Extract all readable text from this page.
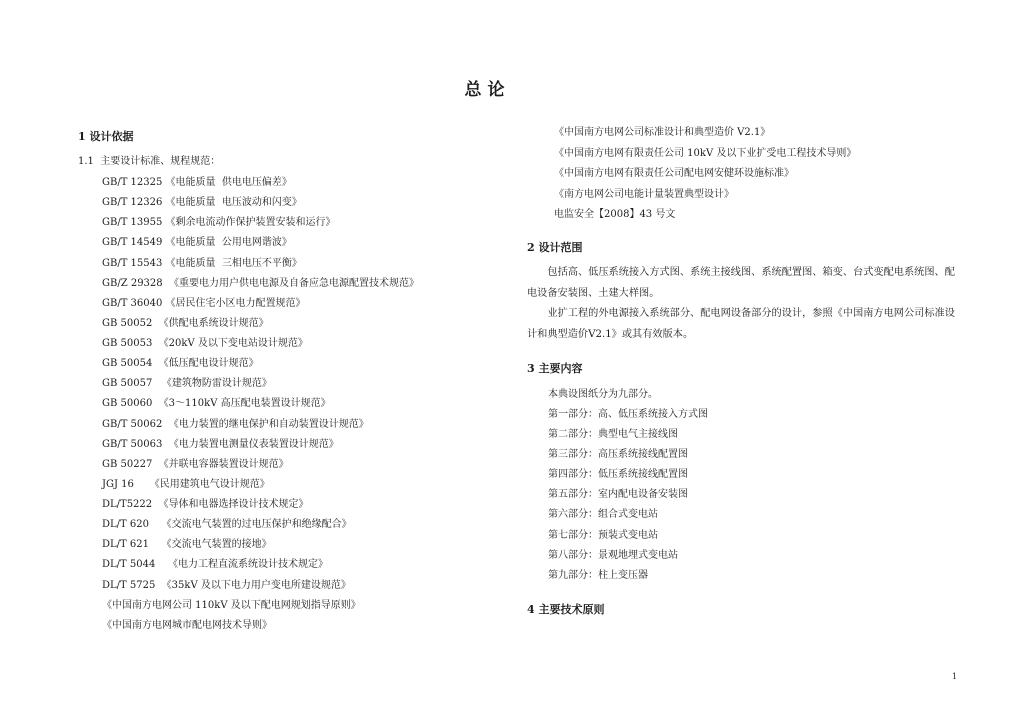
总 论
1 设计依据
1.1  主要设计标准、规程规范：
GB/T 12325 《电能质量  供电电压偏差》
GB/T 12326 《电能质量  电压波动和闪变》
GB/T 13955 《剩余电流动作保护装置安装和运行》
GB/T 14549 《电能质量  公用电网谐波》
GB/T 15543 《电能质量  三相电压不平衡》
GB/Z 29328  《重要电力用户供电电源及自备应急电源配置技术规范》
GB/T 36040 《居民住宅小区电力配置规范》
GB 50052  《供配电系统设计规范》
GB 50053  《20kV 及以下变电站设计规范》
GB 50054  《低压配电设计规范》
GB 50057   《建筑物防雷设计规范》
GB 50060  《3～110kV 高压配电装置设计规范》
GB/T 50062  《电力装置的继电保护和自动装置设计规范》
GB/T 50063  《电力装置电测量仪表装置设计规范》
GB 50227  《并联电容器装置设计规范》
JGJ 16     《民用建筑电气设计规范》
DL/T5222  《导体和电器选择设计技术规定》
DL/T 620    《交流电气装置的过电压保护和绝缘配合》
DL/T 621    《交流电气装置的接地》
DL/T 5044    《电力工程直流系统设计技术规定》
DL/T 5725  《35kV 及以下电力用户变电所建设规范》
《中国南方电网公司 110kV 及以下配电网规划指导原则》
《中国南方电网城市配电网技术导则》
《中国南方电网公司标准设计和典型造价 V2.1》
《中国南方电网有限责任公司 10kV 及以下业扩受电工程技术导则》
《中国南方电网有限责任公司配电网安健环设施标准》
《南方电网公司电能计量装置典型设计》
电监安全【2008】43 号文
2 设计范围
包括高、低压系统接入方式图、系统主接线图、系统配置图、箱变、台式变配电系统图、配电设备安装图、土建大样图。
业扩工程的外电源接入系统部分、配电网设备部分的设计，参照《中国南方电网公司标准设计和典型造价V2.1》或其有效版本。
3 主要内容
本典设图纸分为九部分。
第一部分：高、低压系统接入方式图
第二部分：典型电气主接线图
第三部分：高压系统接线配置图
第四部分：低压系统接线配置图
第五部分：室内配电设备安装图
第六部分：组合式变电站
第七部分：预装式变电站
第八部分：景观地埋式变电站
第九部分：柱上变压器
4 主要技术原则
1
